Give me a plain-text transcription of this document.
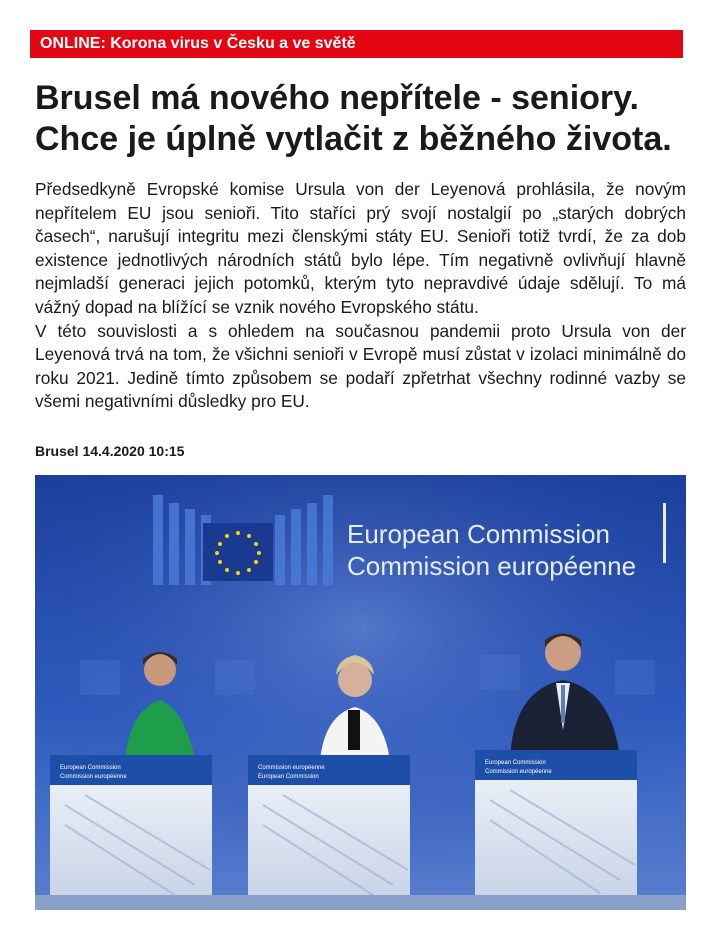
ONLINE: Korona virus v Česku a ve světě
Brusel má nového nepřítele - seniory.
Chce je úplně vytlačit z běžného života.

Předsedkyně Evropské komise Ursula von der Leyenová prohlásila, že novým nepřítelem EU jsou senioři. Tito staříci prý svojí nostalgií po „starých dobrých časech“, narušují integritu mezi členskými státy EU. Senioři totiž tvrdí, že za dob existence jednotlivých národních států bylo lépe. Tím negativně ovlivňují hlavně nejmladší generaci jejich potomků, kterým tyto nepravdivé údaje sdělují. To má vážný dopad na blížící se vznik nového Evropského státu.

V této souvislosti a s ohledem na současnou pandemii proto Ursula von der Leyenová trvá na tom, že všichni senioři v Evropě musí zůstat v izolaci minimálně do roku 2021. Jedině tímto způsobem se podaří zpřetrhat všechny rodinné vazby se všemi negativními důsledky pro EU.

Brusel 14.4.2020 10:15
European Commission
Commission européenne
European Commission
Commission européenne
Commission européenne
European Commission
European Commission
Commission européenne
